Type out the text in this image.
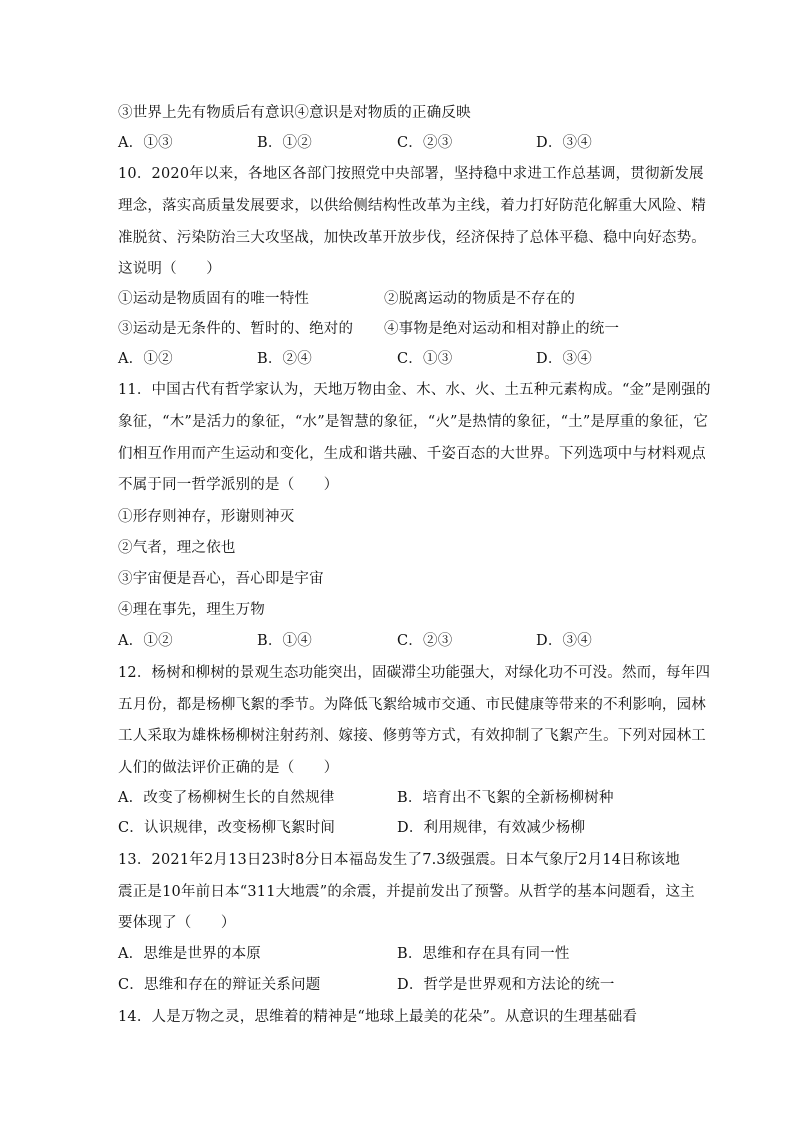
③世界上先有物质后有意识④意识是对物质的正确反映
A．①③	B．①②	C．②③	D．③④
10．2020年以来，各地区各部门按照党中央部署，坚持稳中求进工作总基调，贯彻新发展
理念，落实高质量发展要求，以供给侧结构性改革为主线，着力打好防范化解重大风险、精
准脱贫、污染防治三大攻坚战，加快改革开放步伐，经济保持了总体平稳、稳中向好态势。
这说明（　　）
①运动是物质固有的唯一特性	②脱离运动的物质是不存在的
③运动是无条件的、暂时的、绝对的 ④事物是绝对运动和相对静止的统一
A．①②	B．②④	C．①③	D．③④
11．中国古代有哲学家认为，天地万物由金、木、水、火、土五种元素构成。“金”是刚强的
象征，“木”是活力的象征，“水”是智慧的象征，“火”是热情的象征，“土”是厚重的象征，它
们相互作用而产生运动和变化，生成和谐共融、千姿百态的大世界。下列选项中与材料观点
不属于同一哲学派别的是（　　）
①形存则神存，形谢则神灭
②气者，理之依也
③宇宙便是吾心，吾心即是宇宙
④理在事先，理生万物
A．①②	B．①④	C．②③	D．③④
12．杨树和柳树的景观生态功能突出，固碳滞尘功能强大，对绿化功不可没。然而，每年四
五月份，都是杨柳飞絮的季节。为降低飞絮给城市交通、市民健康等带来的不利影响，园林
工人采取为雄株杨柳树注射药剂、嫁接、修剪等方式，有效抑制了飞絮产生。下列对园林工
人们的做法评价正确的是（　　）
A．改变了杨柳树生长的自然规律	B．培育出不飞絮的全新杨柳树种
C．认识规律，改变杨柳飞絮时间	D．利用规律，有效减少杨柳
13．2021年2月13日23时8分日本福岛发生了7.3级强震。日本气象厅2月14日称该地
震正是10年前日本“311大地震”的余震，并提前发出了预警。从哲学的基本问题看，这主
要体现了（　　）
A．思维是世界的本原	B．思维和存在具有同一性
C．思维和存在的辩证关系问题	D．哲学是世界观和方法论的统一
14．人是万物之灵，思维着的精神是“地球上最美的花朵”。从意识的生理基础看
